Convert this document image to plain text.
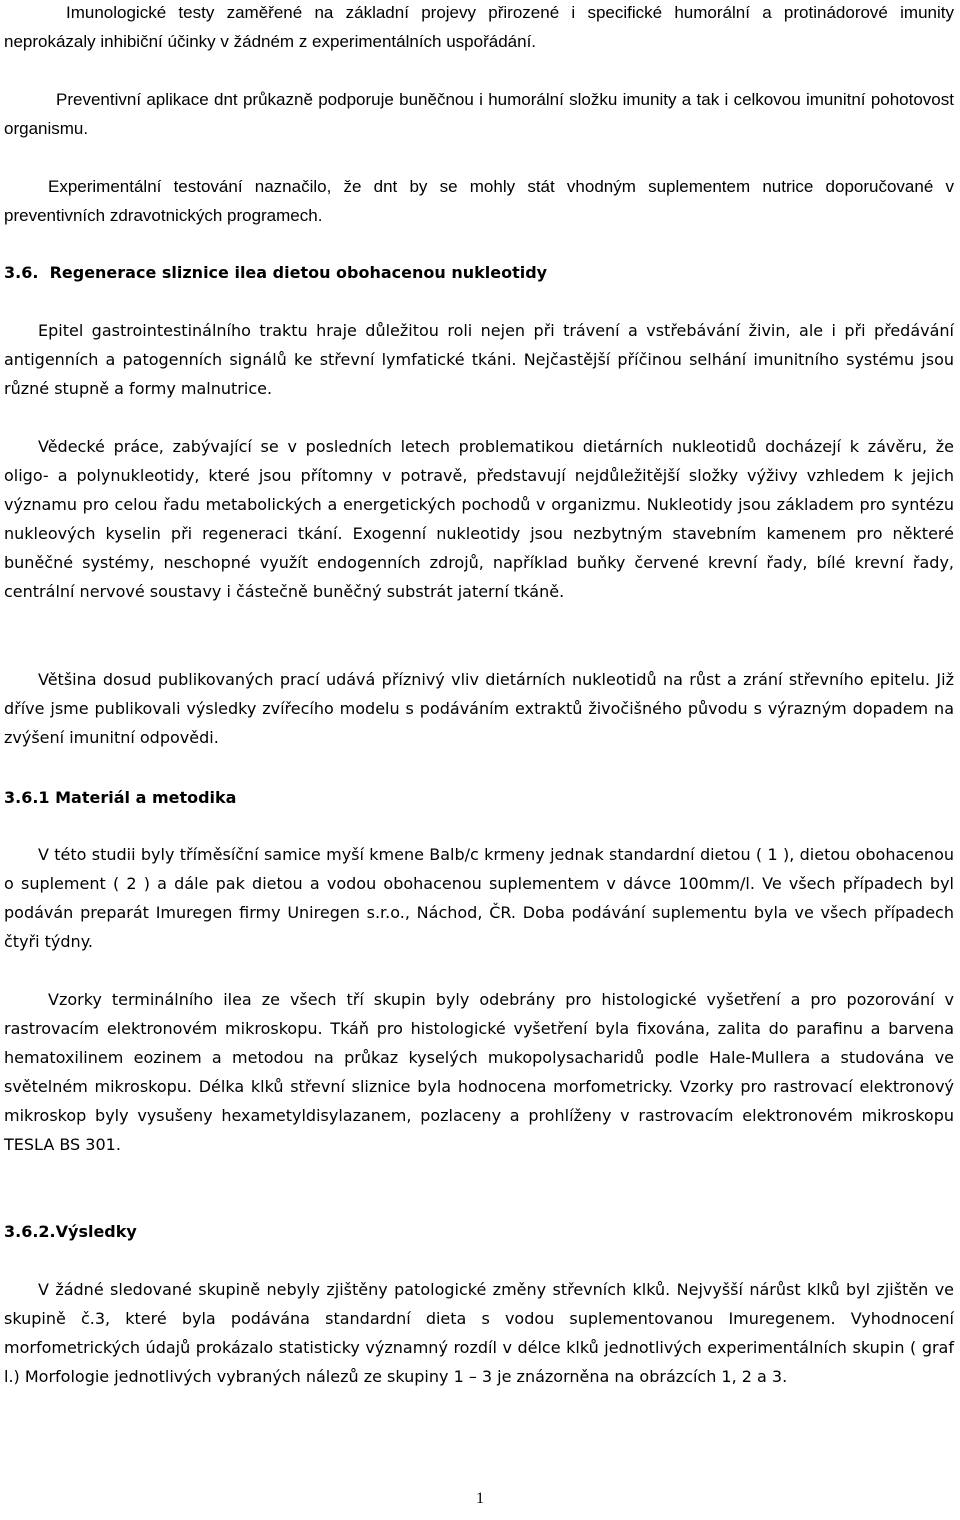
Imunologické testy zaměřené na základní projevy přirozené i specifické humorální a protinádorové imunity neprokázaly inhibiční účinky v žádném z experimentálních uspořádání.

Preventivní aplikace dnt průkazně podporuje buněčnou i humorální složku imunity a tak i celkovou imunitní pohotovost organismu.

Experimentální testování naznačilo, že dnt by se mohly stát vhodným suplementem nutrice doporučované v preventivních zdravotnických programech.

3.6.  Regenerace sliznice ilea dietou obohacenou nukleotidy

Epitel gastrointestinálního traktu hraje důležitou roli nejen při trávení a vstřebávání živin, ale i při předávání antigenních a patogenních signálů ke střevní lymfatické tkáni. Nejčastější příčinou selhání imunitního systému jsou různé stupně a formy malnutrice.

Vědecké práce, zabývající se v posledních letech problematikou dietárních nukleotidů docházejí k závěru, že oligo- a polynukleotidy, které jsou přítomny v potravě, představují nejdůležitější složky výživy vzhledem k jejich významu pro celou řadu metabolických a energetických pochodů v organizmu. Nukleotidy jsou základem pro syntézu nukleových kyselin při regeneraci tkání. Exogenní nukleotidy jsou nezbytným stavebním kamenem pro některé buněčné systémy, neschopné využít endogenních zdrojů, například buňky červené krevní řady, bílé krevní řady, centrální nervové soustavy i částečně buněčný substrát jaterní tkáně.

Většina dosud publikovaných prací udává příznivý vliv dietárních nukleotidů na růst a zrání střevního epitelu. Již dříve jsme publikovali výsledky zvířecího modelu s podáváním extraktů živočišného původu s výrazným dopadem na zvýšení imunitní odpovědi.

3.6.1 Materiál a metodika

V této studii byly tříměsíční samice myší kmene Balb/c krmeny jednak standardní dietou ( 1 ), dietou obohacenou o suplement ( 2 ) a dále pak dietou a vodou obohacenou suplementem v dávce 100mm/l. Ve všech případech byl podáván preparát Imuregen firmy Uniregen s.r.o., Náchod, ČR. Doba podávání suplementu byla ve všech případech čtyři týdny.

Vzorky terminálního ilea ze všech tří skupin byly odebrány pro histologické vyšetření a pro pozorování v rastrovacím elektronovém mikroskopu. Tkáň pro histologické vyšetření byla fixována, zalita do parafinu a barvena hematoxilinem eozinem a metodou na průkaz kyselých mukopolysacharidů podle Hale-Mullera a studována ve světelném mikroskopu. Délka klků střevní sliznice byla hodnocena morfometricky. Vzorky pro rastrovací elektronový mikroskop byly vysušeny hexametyldisylazanem, pozlaceny a prohlíženy v rastrovacím elektronovém mikroskopu TESLA BS 301.

3.6.2.Výsledky

V žádné sledované skupině nebyly zjištěny patologické změny střevních klků. Nejvyšší nárůst klků byl zjištěn ve skupině č.3, které byla podávána standardní dieta s vodou suplementovanou Imuregenem. Vyhodnocení morfometrických údajů prokázalo statisticky významný rozdíl v délce klků jednotlivých experimentálních skupin ( graf l.) Morfologie jednotlivých vybraných nálezů ze skupiny 1 – 3 je znázorněna na obrázcích 1, 2 a 3.

1
